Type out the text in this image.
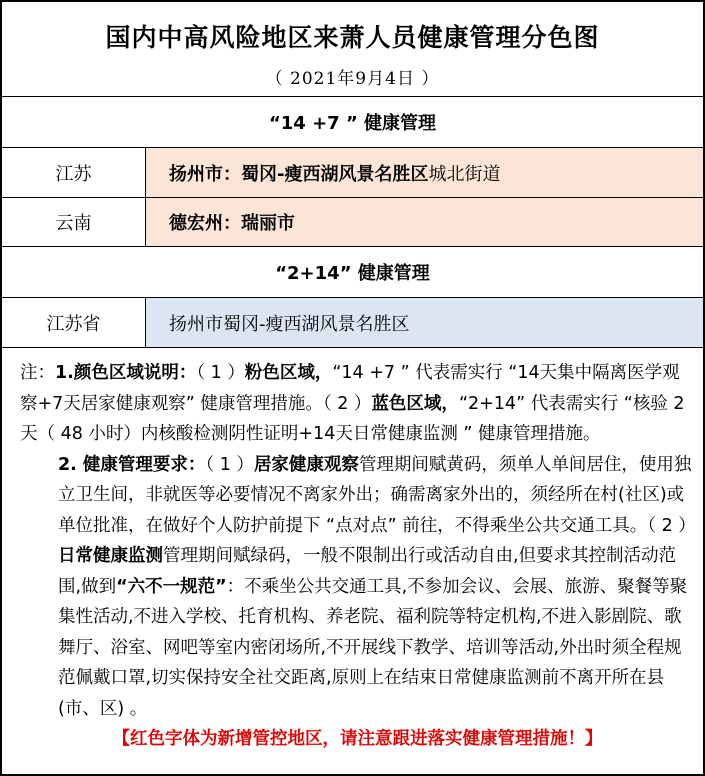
国内中高风险地区来萧人员健康管理分色图
（ 2021年9月4日 ）
“14 +7 ” 健康管理
江苏	扬州市：蜀冈-瘦西湖风景名胜区 城北街道
云南	德宏州：瑞丽市
“2+14” 健康管理
江苏省	扬州市蜀冈-瘦西湖风景名胜区

注：1.颜色区域说明：（ 1 ）粉色区域，“14 +7 ” 代表需实行 “14天集中隔离医学观察+7天居家健康观察” 健康管理措施。（ 2 ）蓝色区域，“2+14” 代表需实行 “核验 2 天（ 48 小时）内核酸检测阴性证明+14天日常健康监测 ” 健康管理措施。

2. 健康管理要求：（ 1 ）居家健康观察管理期间赋黄码，须单人单间居住，使用独立卫生间，非就医等必要情况不离家外出；确需离家外出的，须经所在村(社区)或单位批准，在做好个人防护前提下 “点对点” 前往，不得乘坐公共交通工具。（ 2 ）日常健康监测管理期间赋绿码，一般不限制出行或活动自由,但要求其控制活动范围,做到“六不一规范”：不乘坐公共交通工具,不参加会议、会展、旅游、聚餐等聚集性活动,不进入学校、托育机构、养老院、福利院等特定机构,不进入影剧院、歌舞厅、浴室、网吧等室内密闭场所,不开展线下教学、培训等活动,外出时须全程规范佩戴口罩,切实保持安全社交距离,原则上在结束日常健康监测前不离开所在县(市、区) 。

【红色字体为新增管控地区，请注意跟进落实健康管理措施！】
